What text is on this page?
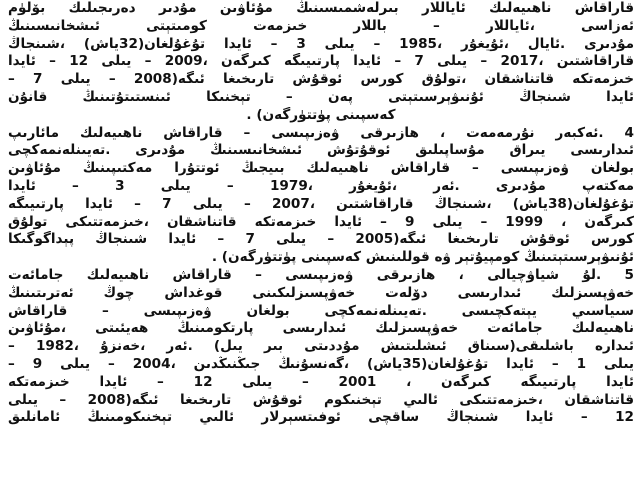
قاراقاش ناھىيەلىك ئاياللار بىرلەشمىسىنىڭ مۇئاۋىن مۇدىر دەرىجىلىك بۆلۈم
ئەزاسى ،ئاياللار – باللار خىزمەت كومىتېتى ئىشخانىسىنىڭ
مۇدىرى .ئايال ،ئۇيغۇر ،1985 – يىلى 3 – ئايدا تۇغۇلغان(32ياش) ،شىنجاڭ
قاراقاشتىن ،2017 – يىلى 7 – ئايدا پارتىيىگە كىرگەن ،2009 – يىلى 12 – ئايدا
خىزمەتكە قاتناشقان ،تولۇق كورس ئوقۇش تارىخىغا ئىگە(2008 – يىلى 7 –
ئايدا شىنجاڭ ئۇنىۋېرسىتېتى پەن – تېخنىكا ئىنستىتۇتىنىڭ قانۇن
كەسپىنى پۈتتۈرگەن) .
4 .ئەكبەر نۇرمەمەت ، ھازىرقى ۋەزىپىسى – قاراقاش ناھىيەلىك مائارىپ
ئىدارىسى يىراق مۇساپىلىق ئوقۇتۇش ئىشخانىسىنىڭ مۇدىرى .تەيىنلەنمەكچى
بولغان ۋەزىپىسى – قاراقاش ناھىيەلىك بىيجىڭ ئوتتۇرا مەكتىپىنىڭ مۇئاۋىن
مەكتەپ مۇدىرى .ئەر ،ئۇيغۇر ،1979 – يىلى 3 – ئايدا
تۇغۇلغان(38ياش) ،شىنجاڭ قاراقاشتىن ،2007 – يىلى 7 – ئايدا پارتىيىگە
كىرگەن ، 1999 – يىلى 9 – ئايدا خىزمەتكە قاتناشقان ،خىزمەتتىكى تولۇق
كورس ئوقۇش تارىخىغا ئىگە(2005 – يىلى 7 – ئايدا شىنجاڭ پېداگوگىكا
ئۇنىۋېرسىتېتىنىڭ كومپيۇتېر ۋە قوللىنىش كەسپىنى پۈتتۈرگەن) .
5 .لۇ شياۋچيالى ، ھازىرقى ۋەزىپىسى – قاراقاش ناھىيەلىك جامائەت
خەۋپسىزلىك ئىدارىسى دۆلەت خەۋپسىزلىكىنى قوغداش چوڭ ئەترىتىنىڭ
سىياسىي يېتەكچىسى .تەيىنلەنمەكچى بولغان ۋەزىپىسى – قاراقاش
ناھىيەلىك جامائەت خەۋپسىزلىك ئىدارىسى پارتكومىنىڭ ھەيئىتى ،مۇئاۋىن
ئىدارە باشلىقى(سىناق ئىشلىتىش مۇددىتى بىر يىل) .ئەر ،خەنزۇ ،1982 –
يىلى 1 – ئايدا تۇغۇلغان(35ياش) ،گەنسۇنىڭ جىڭنىڭدىن ،2004 – يىلى 9 –
ئايدا پارتىيىگە كىرگەن ، 2001 – يىلى 12 – ئايدا خىزمەتكە
قاتناشقان ،خىزمەتتىكى ئالىي تېخنىكوم ئوقۇش تارىخىغا ئىگە(2008 – يىلى
12 – ئايدا شىنجاڭ ساقچى ئوفىتسېرلار ئالىي تېخنىكومىنىڭ ئامانلىق
